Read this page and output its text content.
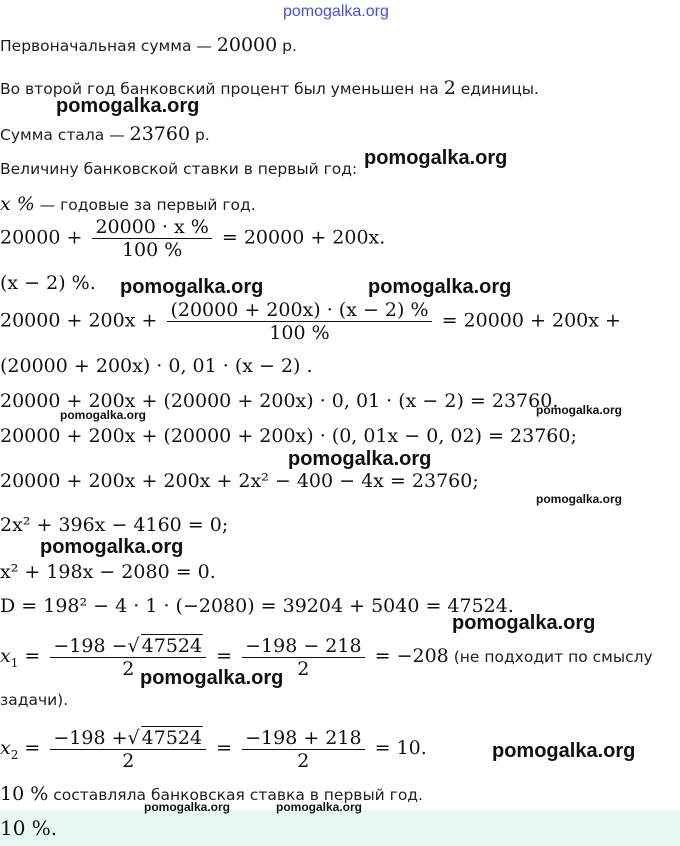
pomogalka.org
Первоначальная сумма — 20000 р.
Во второй год банковский процент был уменьшен на 2 единицы.
Сумма стала — 23760 р.
Величину банковской ставки в первый год:
x % — годовые за первый год.
$20000 + \frac{20000 \cdot x \%}{100 \%} = 20000 + 200x$.
(x − 2) %.
$20000 + 200x + \frac{(20000 + 200x) \cdot (x - 2) \%}{100 \%} = 20000 + 200x$ +
(20000 + 200x) · 0, 01 · (x − 2) .
20000 + 200x + (20000 + 200x) · 0, 01 · (x − 2) = 23760.
20000 + 200x + (20000 + 200x) · (0, 01x − 0, 02) = 23760;
20000 + 200x + 200x + 2x² − 400 − 4x = 23760;
2x² + 396x − 4160 = 0;
x² + 198x − 2080 = 0.
D = 198² − 4 · 1 · (−2080) = 39204 + 5040 = 47524.
$x_1 = \frac{-198 -√ 47524}{2} = \frac{-198 - 218}{2} = -208$ (не подходит по смыслу
задачи).
$x_2 = \frac{-198 +√ 47524}{2} = \frac{-198 + 218}{2} = 10$.
10 % составляла банковская ставка в первый год.
10 %.
pomogalka.org
pomogalka.org
pomogalka.org	pomogalka.org
pomogalka.org	pomogalka.org
pomogalka.org
pomogalka.org
pomogalka.org
pomogalka.org
pomogalka.org
pomogalka.org
pomogalka.org	pomogalka.org
